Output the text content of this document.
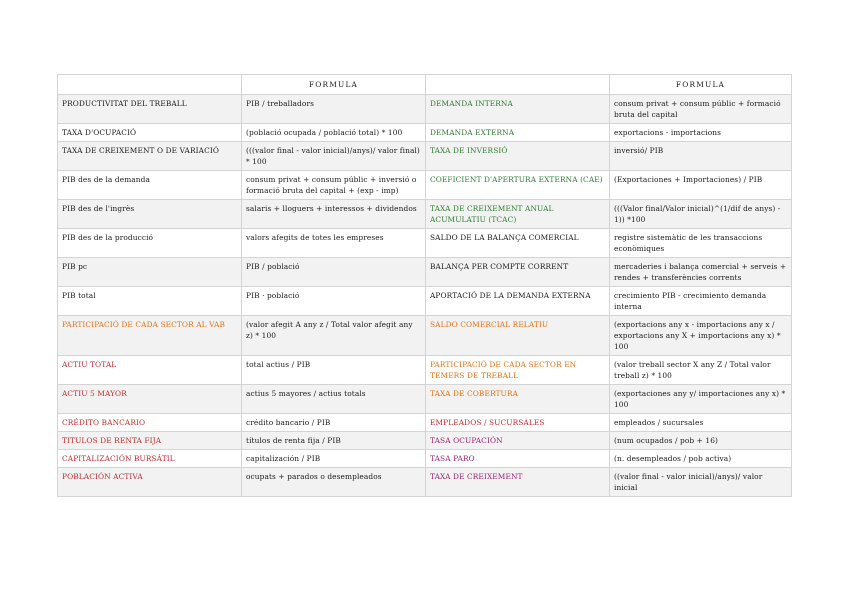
	FORMULA		FORMULA
PRODUCTIVITAT DEL TREBALL	PIB / treballadors	DEMANDA INTERNA	consum privat + consum públic + formació bruta del capital
TAXA D'OCUPACIÓ	(població ocupada / població total) * 100	DEMANDA EXTERNA	exportacions - importacions
TAXA DE CREIXEMENT O DE VARIACIÓ	(((valor final - valor inicial)/anys)/ valor final) * 100	TAXA DE INVERSIÓ	inversió/ PIB
PIB des de la demanda	consum privat + consum públic + inversió o formació bruta del capital + (exp - imp)	COEFICIENT D'APERTURA EXTERNA (CAE)	(Exportaciones + Importaciones) / PIB
PIB des de l'ingrès	salaris + lloguers + interessos + dividendos	TAXA DE CREIXEMENT ANUAL ACUMULATIU (TCAC)	(((Valor final/Valor inicial)^(1/dif de anys) - 1)) *100
PIB des de la producció	valors afegits de totes les empreses	SALDO DE LA BALANÇA COMERCIAL	registre sistemàtic de les transaccions econòmiques
PIB pc	PIB / població	BALANÇA PER COMPTE CORRENT	mercaderies i balança comercial + serveis + rendes + transferències corrents
PIB total	PIB · població	APORTACIÓ DE LA DEMANDA EXTERNA	crecimiento PIB - crecimiento demanda interna
PARTICIPACIÓ DE CADA SECTOR AL VAB	(valor afegit A any z / Total valor afegit any z) * 100	SALDO COMERCIAL RELATIU	(exportacions any x - importacions any x / exportacions any X + importacions any x) * 100
ACTIU TOTAL	total actius / PIB	PARTICIPACIÓ DE CADA SECTOR EN TEMERS DE TREBALL	(valor treball sector X any Z / Total valor treball z) * 100
ACTIU 5 MAYOR	actius 5 mayores / actius totals	TAXA DE COBERTURA	(exportaciones any y/ importaciones any x) * 100
CRÉDITO BANCARIO	crédito bancario / PIB	EMPLEADOS / SUCURSALES	empleados / sucursales
TITULOS DE RENTA FIJA	títulos de renta fija / PIB	TASA OCUPACIÓN	(num ocupados / pob + 16)
CAPITALIZACIÓN BURSÁTIL	capitalización / PIB	TASA PARO	(n. desempleados / pob activa)
POBLACIÓN ACTIVA	ocupats + parados o desempleados	TAXA DE CREIXEMENT	((valor final - valor inicial)/anys)/ valor inicial
